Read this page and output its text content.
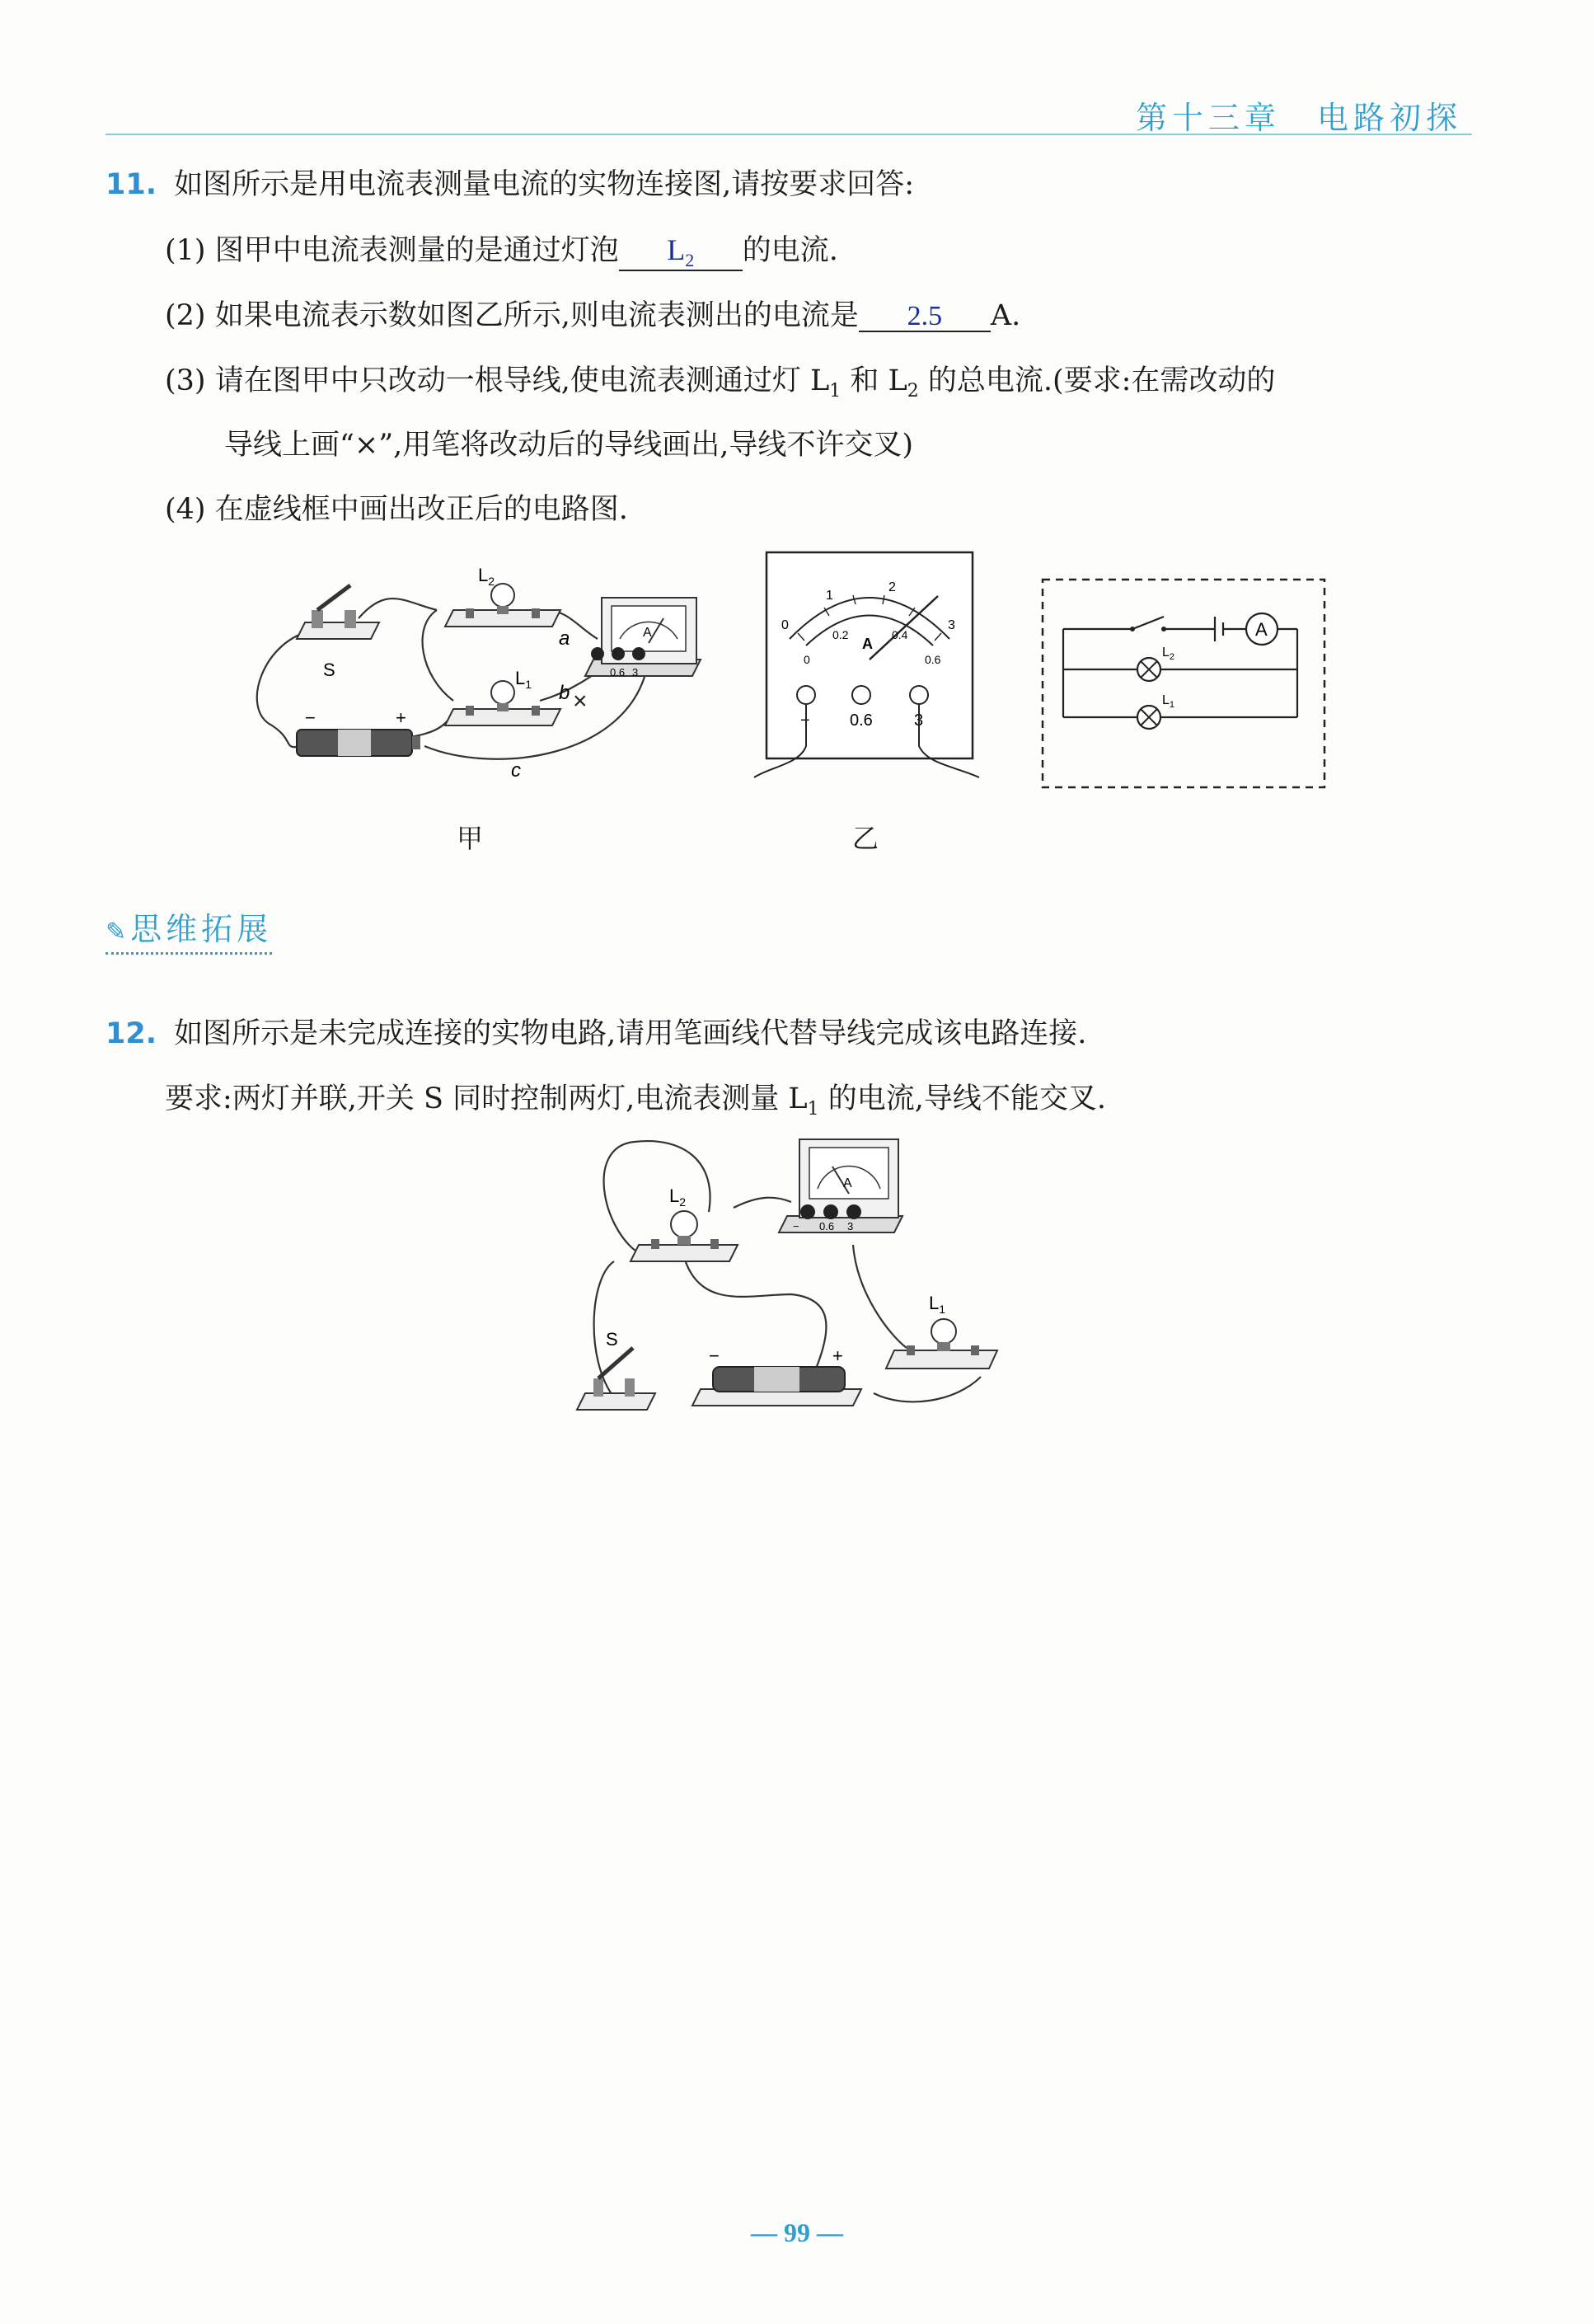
第十三章　电路初探
11. 如图所示是用电流表测量电流的实物连接图,请按要求回答:
(1) 图甲中电流表测量的是通过灯泡 $L_2$ 的电流.
(2) 如果电流表示数如图乙所示,则电流表测出的电流是 2.5 A.
(3) 请在图甲中只改动一根导线,使电流表测通过灯 $L_1$ 和 $L_2$ 的总电流.(要求:在需改动的
导线上画“×”,用笔将改动后的导线画出,导线不许交叉)
(4) 在虚线框中画出改正后的电路图.
S
−	+
$L_2$
$L_1$
A
0.6 3
a
b
c
×
甲
0
1
2
3
0
0.2	0.4
0.6
A
− 0.6	3
乙
A
$L_2$
$L_1$
✎思维拓展
12. 如图所示是未完成连接的实物电路,请用笔画线代替导线完成该电路连接.
要求:两灯并联,开关 S 同时控制两灯,电流表测量 $L_1$ 的电流,导线不能交叉.
$L_2$
A
− 0.6 3
$L_1$
S
−	+
— 99 —
